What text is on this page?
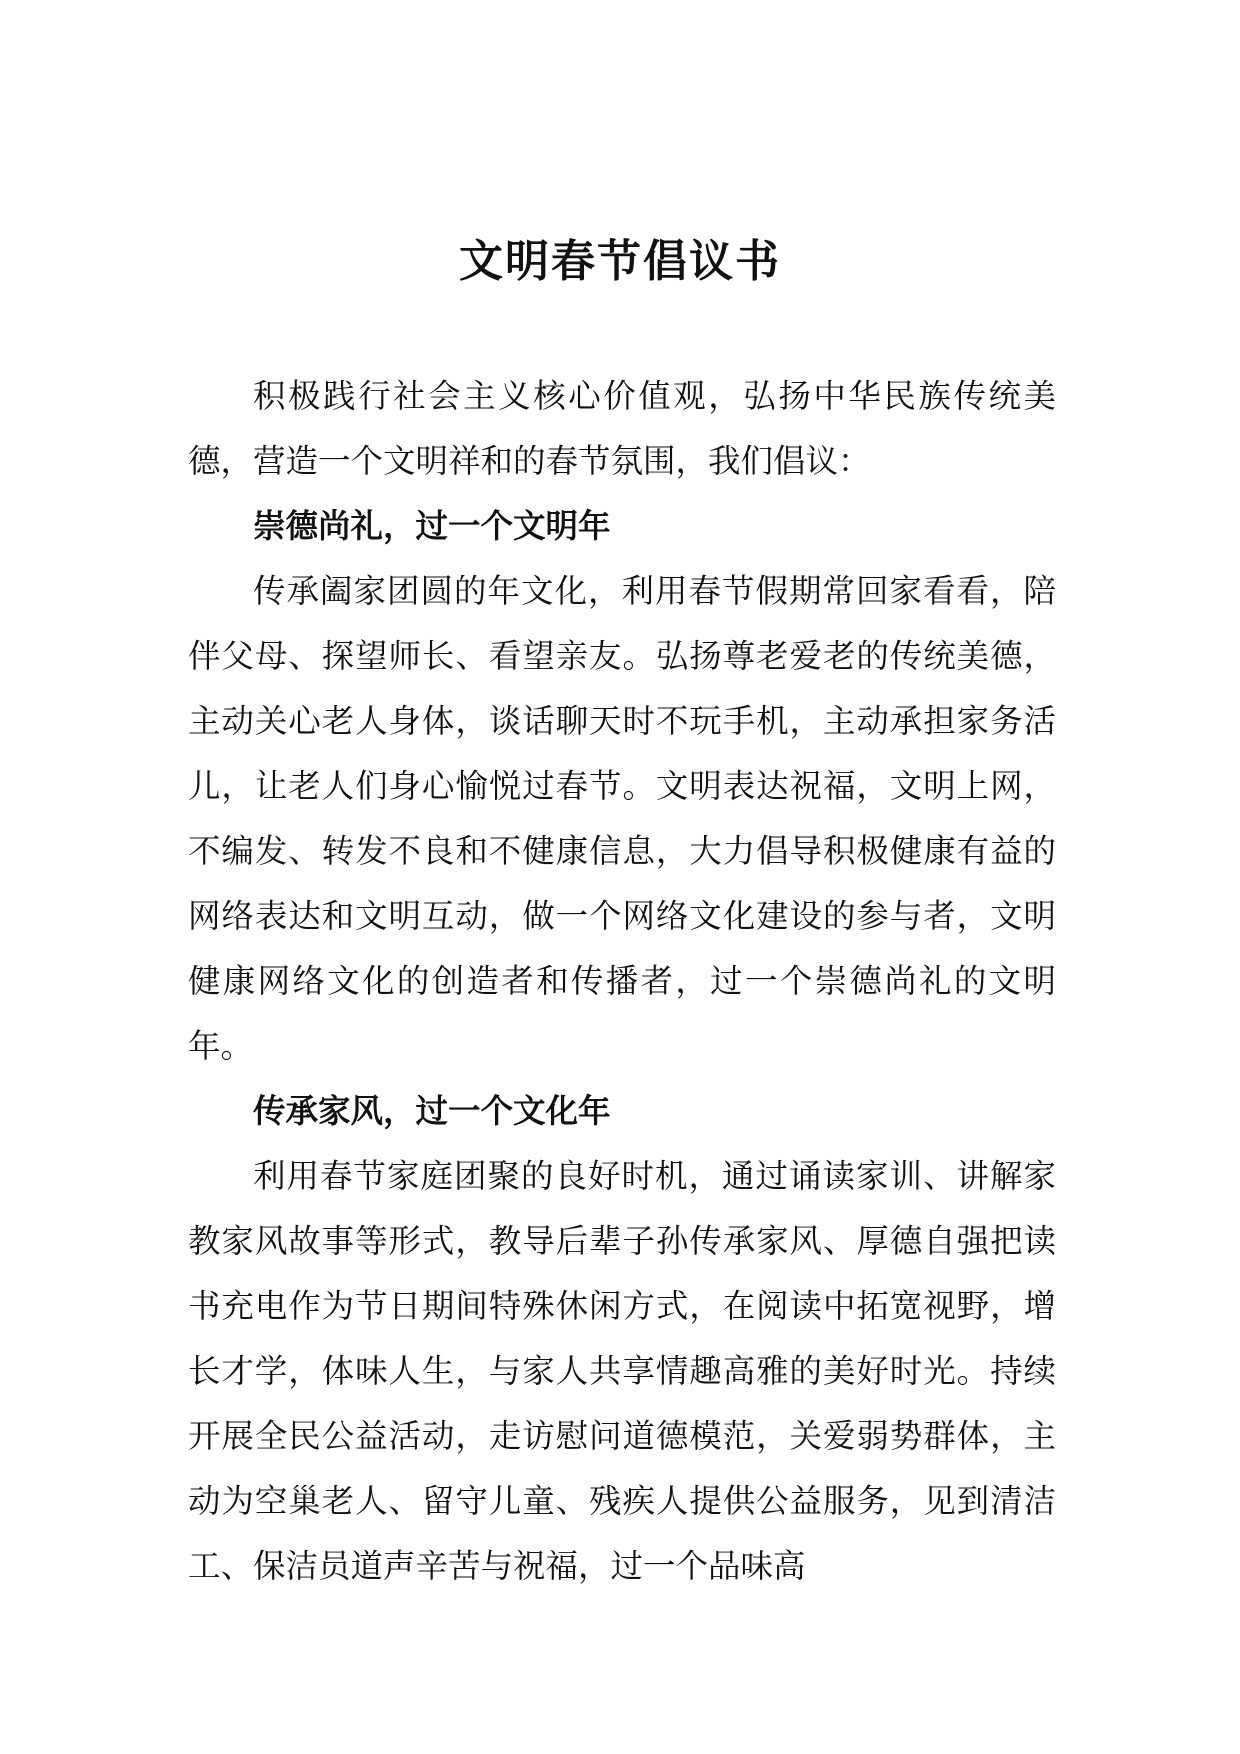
文明春节倡议书

积极践行社会主义核心价值观，弘扬中华民族传统美德，营造一个文明祥和的春节氛围，我们倡议：

崇德尚礼，过一个文明年

传承阖家团圆的年文化，利用春节假期常回家看看，陪伴父母、探望师长、看望亲友。弘扬尊老爱老的传统美德，主动关心老人身体，谈话聊天时不玩手机，主动承担家务活儿，让老人们身心愉悦过春节。文明表达祝福，文明上网，不编发、转发不良和不健康信息，大力倡导积极健康有益的网络表达和文明互动，做一个网络文化建设的参与者，文明健康网络文化的创造者和传播者，过一个崇德尚礼的文明年。

传承家风，过一个文化年

利用春节家庭团聚的良好时机，通过诵读家训、讲解家教家风故事等形式，教导后辈子孙传承家风、厚德自强把读书充电作为节日期间特殊休闲方式，在阅读中拓宽视野，增长才学，体味人生，与家人共享情趣高雅的美好时光。持续开展全民公益活动，走访慰问道德模范，关爱弱势群体，主动为空巢老人、留守儿童、残疾人提供公益服务，见到清洁工、保洁员道声辛苦与祝福，过一个品味高
